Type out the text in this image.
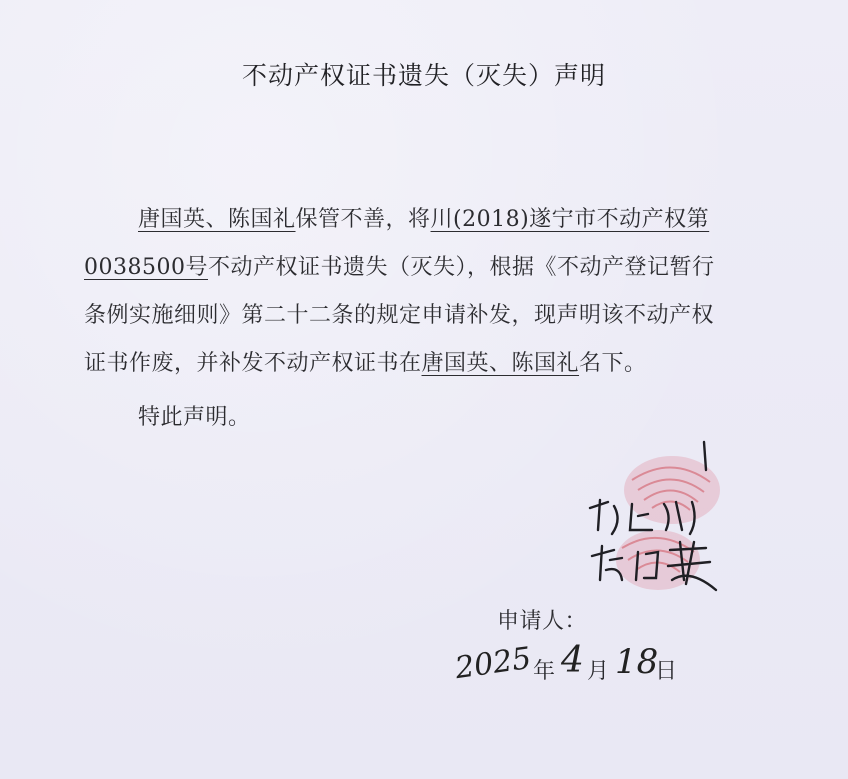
不动产权证书遗失（灭失）声明

唐国英、陈国礼保管不善，将川(2018)遂宁市不动产权第

0038500号不动产权证书遗失（灭失），根据《不动产登记暂行

条例实施细则》第二十二条的规定申请补发，现声明该不动产权

证书作废，并补发不动产权证书在唐国英、陈国礼名下。

特此声明。
申请人：
2025 年 4 月 18
日
